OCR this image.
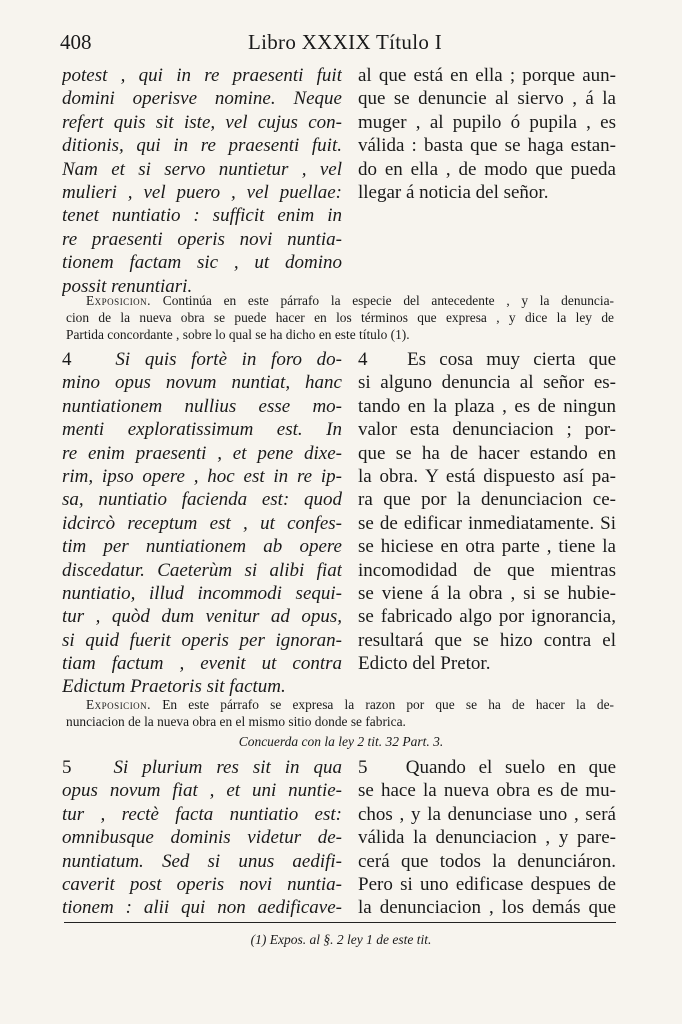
408	Libro XXXIX Título I
potest , qui in re praesenti fuit
domini operisve nomine. Neque
refert quis sit iste, vel cujus con-
ditionis, qui in re praesenti fuit.
Nam et si servo nuntietur , vel
mulieri , vel puero , vel puellae:
tenet nuntiatio : sufficit enim in
re praesenti operis novi nuntia-
tionem factam sic , ut domino
possit renuntiari.
al que está en ella ; porque aun-
que se denuncie al siervo , á la
muger , al pupilo ó pupila , es
válida : basta que se haga estan-
do en ella , de modo que pueda
llegar á noticia del señor.
Exposicion. Continúa en este párrafo la especie del antecedente , y la denuncia-
cion de la nueva obra se puede hacer en los términos que expresa , y dice la ley de
Partida concordante , sobre lo qual se ha dicho en este título (1).
4 Si quis fortè in foro do-
mino opus novum nuntiat, hanc
nuntiationem nullius esse mo-
menti exploratissimum est. In
re enim praesenti , et pene dixe-
rim, ipso opere , hoc est in re ip-
sa, nuntiatio facienda est: quod
idcircò receptum est , ut confes-
tim per nuntiationem ab opere
discedatur. Caeterùm si alibi fiat
nuntiatio, illud incommodi sequi-
tur , quòd dum venitur ad opus,
si quid fuerit operis per ignoran-
tiam factum , evenit ut contra
Edictum Praetoris sit factum.
4 Es cosa muy cierta que
si alguno denuncia al señor es-
tando en la plaza , es de ningun
valor esta denunciacion ; por-
que se ha de hacer estando en
la obra. Y está dispuesto así pa-
ra que por la denunciacion ce-
se de edificar inmediatamente. Si
se hiciese en otra parte , tiene la
incomodidad de que mientras
se viene á la obra , si se hubie-
se fabricado algo por ignorancia,
resultará que se hizo contra el
Edicto del Pretor.
Exposicion. En este párrafo se expresa la razon por que se ha de hacer la de-
nunciacion de la nueva obra en el mismo sitio donde se fabrica.
Concuerda con la ley 2 tit. 32 Part. 3.
5 Si plurium res sit in qua
opus novum fiat , et uni nuntie-
tur , rectè facta nuntiatio est:
omnibusque dominis videtur de-
nuntiatum. Sed si unus aedifi-
caverit post operis novi nuntia-
tionem : alii qui non aedificave-
5 Quando el suelo en que
se hace la nueva obra es de mu-
chos , y la denunciase uno , será
válida la denunciacion , y pare-
cerá que todos la denunciáron.
Pero si uno edificase despues de
la denunciacion , los demás que
(1) Expos. al §. 2 ley 1 de este tit.
